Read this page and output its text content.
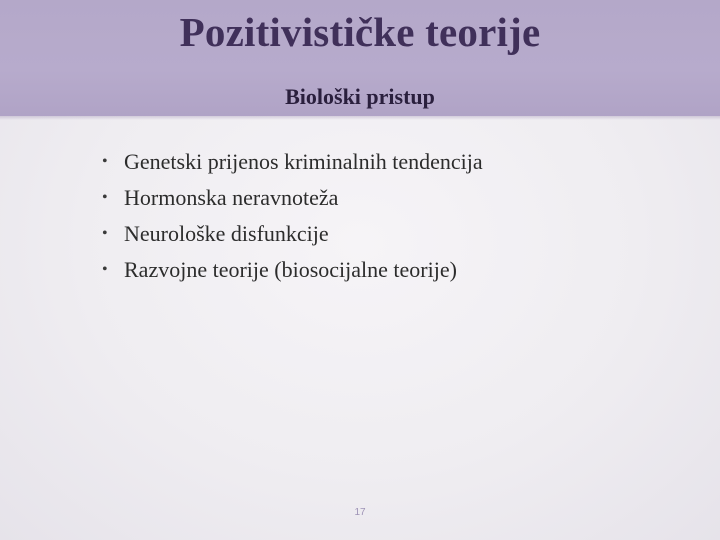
Pozitivističke teorije
Biološki pristup
• Genetski prijenos kriminalnih tendencija
• Hormonska neravnoteža
• Neurološke disfunkcije
• Razvojne teorije (biosocijalne teorije)
17
